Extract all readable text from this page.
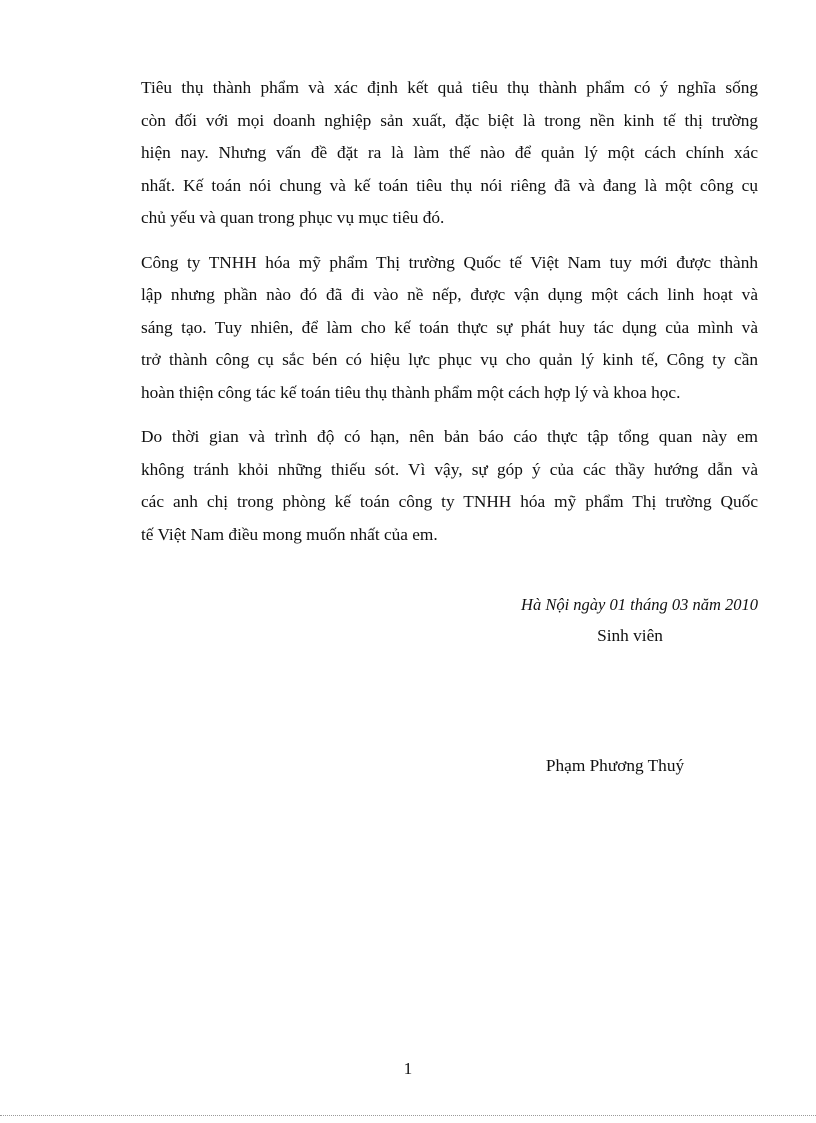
Tiêu thụ thành phẩm và xác định kết quả tiêu thụ thành phẩm có ý nghĩa sống
còn đối với mọi doanh nghiệp sản xuất, đặc biệt là trong nền kinh tế thị trường
hiện nay. Nhưng vấn đề đặt ra là làm thế nào để quản lý một cách chính xác
nhất. Kế toán nói chung và kế toán tiêu thụ nói riêng đã và đang là một công cụ
chủ yếu và quan trong phục vụ mục tiêu đó.

Công ty TNHH hóa mỹ phẩm Thị trường Quốc tế Việt Nam tuy mới được thành
lập nhưng phần nào đó đã đi vào nề nếp, được vận dụng một cách linh hoạt và
sáng tạo. Tuy nhiên, để làm cho kế toán thực sự phát huy tác dụng của mình và
trở thành công cụ sắc bén có hiệu lực phục vụ cho quản lý kinh tế, Công ty cần
hoàn thiện công tác kế toán tiêu thụ thành phẩm một cách hợp lý và khoa học.

Do thời gian và trình độ có hạn, nên bản báo cáo thực tập tổng quan này em
không tránh khỏi những thiếu sót. Vì vậy, sự góp ý của các thầy hướng dẫn và
các anh chị trong phòng kế toán công ty TNHH hóa mỹ phẩm Thị trường Quốc
tế Việt Nam điều mong muốn nhất của em.

Hà Nội ngày 01 tháng 03 năm 2010
Sinh viên
Phạm Phương Thuý
1
